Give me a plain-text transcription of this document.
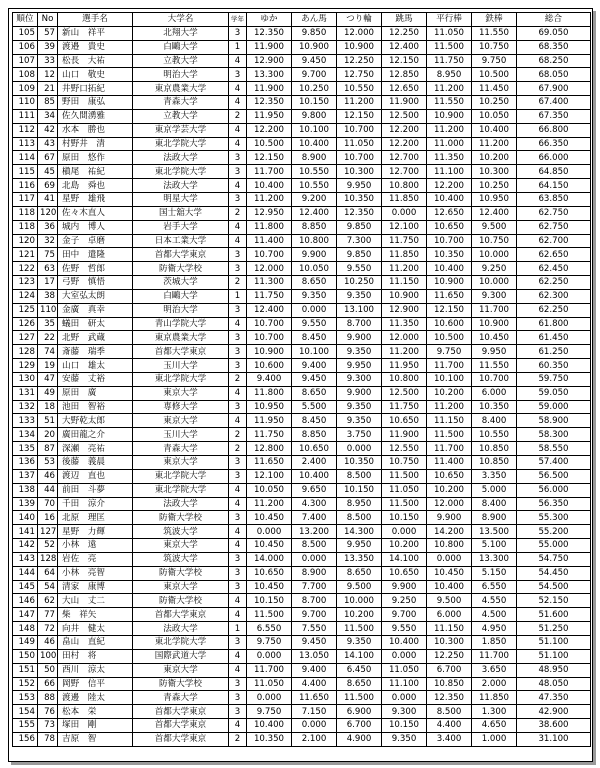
順位	No	選手名	大学名	学年	ゆか	あん馬	つり輪	跳馬	平行棒	鉄棒	総合
105	57	新山　祥平	北翔大学	3	12.350	9.850	12.000	12.250	11.050	11.550	69.050
106	39	渡邉　貴史	白鷗大学	1	11.900	10.900	10.900	12.400	11.500	10.750	68.350
107	33	松長　大祐	立教大学	4	12.900	9.450	12.250	12.150	11.750	9.750	68.250
108	12	山口　敬史	明治大学	3	13.300	9.700	12.750	12.850	8.950	10.500	68.050
109	21	井野口拓紀	東京農業大学	4	11.900	10.250	10.550	12.650	11.200	11.450	67.900
110	85	野田　康弘	青森大学	4	12.350	10.150	11.200	11.900	11.550	10.250	67.400
111	34	佐久間湧雅	立教大学	2	11.950	9.800	12.150	12.500	10.900	10.050	67.350
112	42	水本　勝也	東京学芸大学	4	12.200	10.100	10.700	12.200	11.200	10.400	66.800
113	43	村野井　清	東北学院大学	4	10.500	10.400	11.050	12.200	11.000	11.200	66.350
114	67	原田　悠作	法政大学	3	12.150	8.900	10.700	12.700	11.350	10.200	66.000
115	45	槇尾　祐紀	東北学院大学	3	11.700	10.550	10.300	12.700	11.100	10.300	64.850
116	69	北島　舜也	法政大学	4	10.400	10.550	9.950	10.800	12.200	10.250	64.150
117	41	星野　雄飛	明星大学	3	11.200	9.200	10.350	11.850	10.400	10.950	63.850
118	120	佐々木直人	国士舘大学	2	12.950	12.400	12.350	0.000	12.650	12.400	62.750
118	36	城内　博人	岩手大学	4	11.800	8.850	9.850	12.100	10.650	9.500	62.750
120	32	金子　卓磨	日本工業大学	4	11.400	10.800	7.300	11.750	10.700	10.750	62.700
121	75	田中　遣隆	首都大学東京	3	10.700	9.900	9.850	11.850	10.350	10.000	62.650
122	63	佐野　哲郎	防衛大学校	3	12.000	10.050	9.550	11.200	10.400	9.250	62.450
123	17	弓野　慎悟	茨城大学	2	11.300	8.650	10.250	11.150	10.900	10.000	62.250
124	38	大室弘太朗	白鷗大学	1	11.750	9.350	9.350	10.900	11.650	9.300	62.300
125	110	金廣　真幸	明治大学	3	12.400	0.000	13.100	12.900	12.150	11.700	62.250
126	35	蟻田　研太	青山学院大学	4	10.700	9.550	8.700	11.350	10.600	10.900	61.800
127	22	北野　武蔵	東京農業大学	3	10.700	8.450	9.900	12.000	10.500	10.450	61.450
128	74	斎藤　瑞季	首都大学東京	3	10.900	10.100	9.350	11.200	9.750	9.950	61.250
129	19	山口　雄太	玉川大学	3	10.600	9.400	9.950	11.950	11.700	11.550	60.350
130	47	安藤　丈裕	東北学院大学	2	9.400	9.450	9.300	10.800	10.100	10.700	59.750
131	49	原田　廣	東京大学	4	11.800	8.650	9.900	12.500	10.200	6.000	59.050
132	18	池田　智裕	専修大学	3	10.950	5.500	9.350	11.750	11.200	10.350	59.000
133	51	大野乾太郎	東京大学	4	11.950	8.450	9.350	10.650	11.150	8.400	58.900
134	20	廣田龍之介	玉川大学	2	11.750	8.850	3.750	11.900	11.500	10.550	58.300
135	87	深瀬　亮祐	青森大学	2	12.800	10.650	0.000	12.550	11.700	10.850	58.550
136	53	後藤　義晨	東京大学	3	11.650	2.400	10.350	10.750	11.400	10.850	57.400
137	46	渡辺　直也	東北学院大学	3	12.100	10.400	8.500	11.500	10.650	3.350	56.500
138	44	前田　斗夢	東北学院大学	4	10.050	9.650	10.150	11.050	10.200	5.000	56.000
139	70	千田　涼介	法政大学	4	11.200	4.300	8.950	11.500	12.000	8.400	56.350
140	16	北原　理匡	防衛大学校	3	10.450	7.400	8.500	10.150	9.900	8.900	55.300
141	127	星野　力輝	筑波大学	4	0.000	13.200	14.300	0.000	14.200	13.500	55.200
142	52	小林　遠	東京大学	4	10.450	8.500	9.950	10.200	10.800	5.100	55.000
143	128	岩佐　亮	筑波大学	3	14.000	0.000	13.350	14.100	0.000	13.300	54.750
144	64	小林　亮智	防衛大学校	3	10.650	8.900	8.650	10.650	10.450	5.150	54.450
145	54	清家　康博	東京大学	3	10.450	7.700	9.500	9.900	10.400	6.550	54.500
146	62	大山　丈二	防衛大学校	4	10.150	8.700	10.000	9.250	9.500	4.550	52.150
147	77	柴　祥矢	首都大学東京	4	11.500	9.700	10.200	9.700	6.000	4.500	51.600
148	72	向井　健太	法政大学	1	6.550	7.550	11.500	9.550	11.150	4.950	51.250
149	46	畠山　直紀	東北学院大学	3	9.750	9.450	9.350	10.400	10.300	1.850	51.100
150	100	田村　将	国際武道大学	4	0.000	13.050	14.100	0.000	12.250	11.700	51.100
151	50	西川　涼太	東京大学	4	11.700	9.400	6.450	11.050	6.700	3.650	48.950
152	66	岡野　信平	防衛大学校	3	11.050	4.400	8.650	11.100	10.850	2.000	48.050
153	88	渡邊　陸太	青森大学	3	0.000	11.650	11.500	0.000	12.350	11.850	47.350
154	76	松本　栄	首都大学東京	3	9.750	7.150	6.900	9.300	8.500	1.300	42.900
155	73	塚田　剛	首都大学東京	4	10.400	0.000	6.700	10.150	4.400	4.650	38.600
156	78	吉原　智	首都大学東京	2	10.350	2.100	4.900	9.350	3.400	1.000	31.100
